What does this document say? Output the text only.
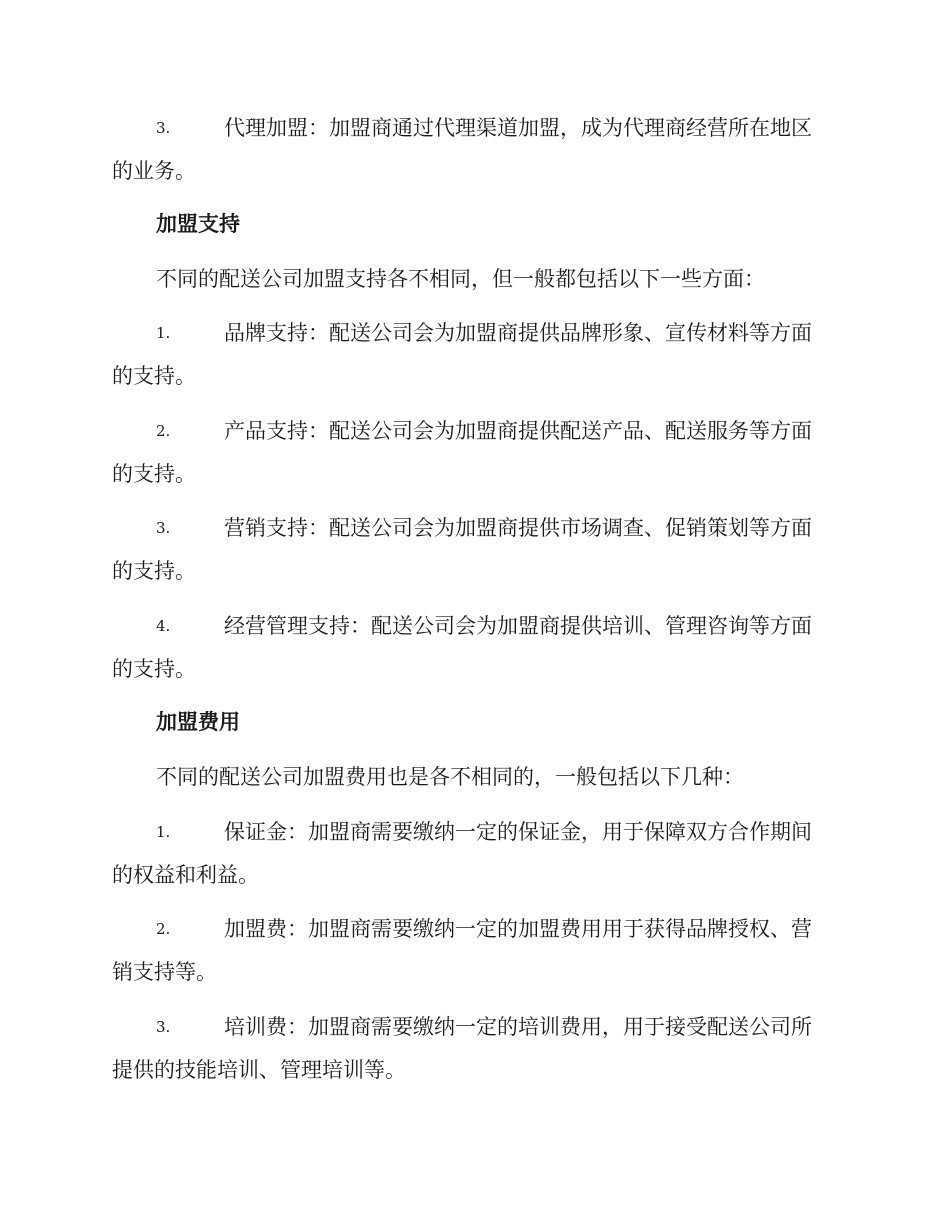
3.	代理加盟：加盟商通过代理渠道加盟，成为代理商经营所在地区
的业务。
加盟支持
不同的配送公司加盟支持各不相同，但一般都包括以下一些方面：
1.	品牌支持：配送公司会为加盟商提供品牌形象、宣传材料等方面
的支持。
2.	产品支持：配送公司会为加盟商提供配送产品、配送服务等方面
的支持。
3.	营销支持：配送公司会为加盟商提供市场调查、促销策划等方面
的支持。
4.	经营管理支持：配送公司会为加盟商提供培训、管理咨询等方面
的支持。
加盟费用
不同的配送公司加盟费用也是各不相同的，一般包括以下几种：
1.	保证金：加盟商需要缴纳一定的保证金，用于保障双方合作期间
的权益和利益。
2.	加盟费：加盟商需要缴纳一定的加盟费用用于获得品牌授权、营
销支持等。
3.	培训费：加盟商需要缴纳一定的培训费用，用于接受配送公司所
提供的技能培训、管理培训等。
